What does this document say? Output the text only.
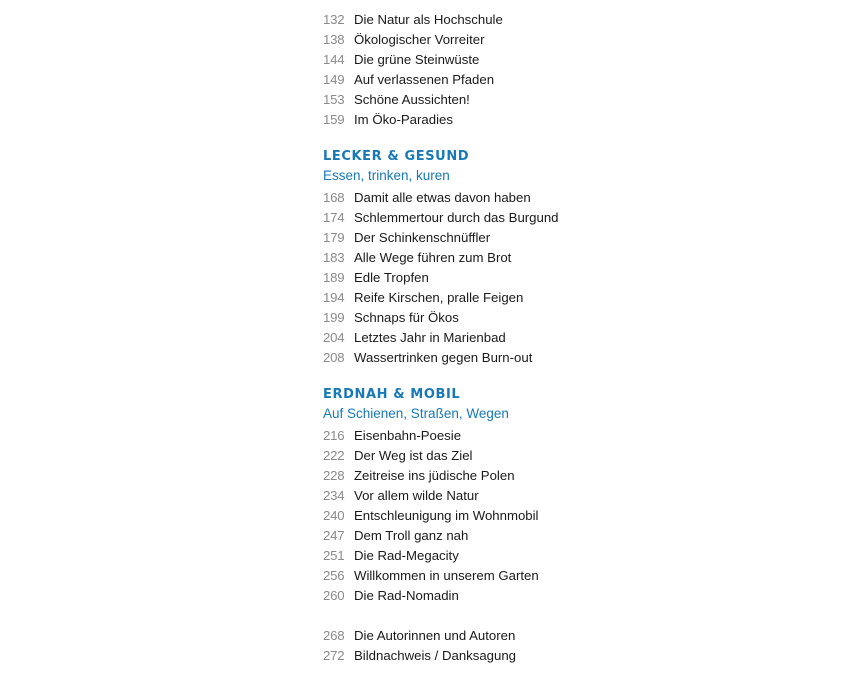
132 Die Natur als Hochschule
138 Ökologischer Vorreiter
144 Die grüne Steinwüste
149 Auf verlassenen Pfaden
153 Schöne Aussichten!
159 Im Öko-Paradies
LECKER & GESUND
Essen, trinken, kuren
168 Damit alle etwas davon haben
174 Schlemmertour durch das Burgund
179 Der Schinkenschnüffler
183 Alle Wege führen zum Brot
189 Edle Tropfen
194 Reife Kirschen, pralle Feigen
199 Schnaps für Ökos
204 Letztes Jahr in Marienbad
208 Wassertrinken gegen Burn-out
ERDNAH & MOBIL
Auf Schienen, Straßen, Wegen
216 Eisenbahn-Poesie
222 Der Weg ist das Ziel
228 Zeitreise ins jüdische Polen
234 Vor allem wilde Natur
240 Entschleunigung im Wohnmobil
247 Dem Troll ganz nah
251 Die Rad-Megacity
256 Willkommen in unserem Garten
260 Die Rad-Nomadin
268 Die Autorinnen und Autoren
272 Bildnachweis / Danksagung
